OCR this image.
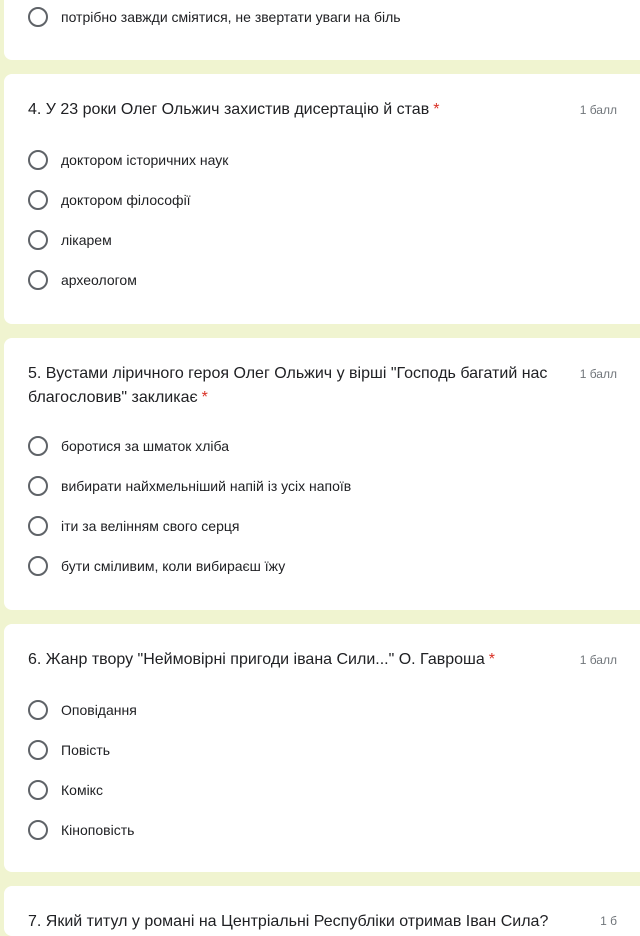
потрібно завжди сміятися, не звертати уваги на біль
4. У 23 роки Олег Ольжич захистив дисертацію й став *	1 балл
доктором історичних наук
доктором філософії
лікарем
археологом
5. Вустами ліричного героя Олег Ольжич у вірші "Господь багатий нас
благословив" закликає *
1 балл
боротися за шматок хліба
вибирати найхмельніший напій із усіх напоїв
іти за велінням свого серця
бути сміливим, коли вибираєш їжу
6. Жанр твору "Неймовірні пригоди івана Сили..." О. Гавроша *	1 балл
Оповідання
Повість
Комікс
Кіноповість
7. Який титул у романі на Центріальні Республіки отримав Іван Сила?	1 б
